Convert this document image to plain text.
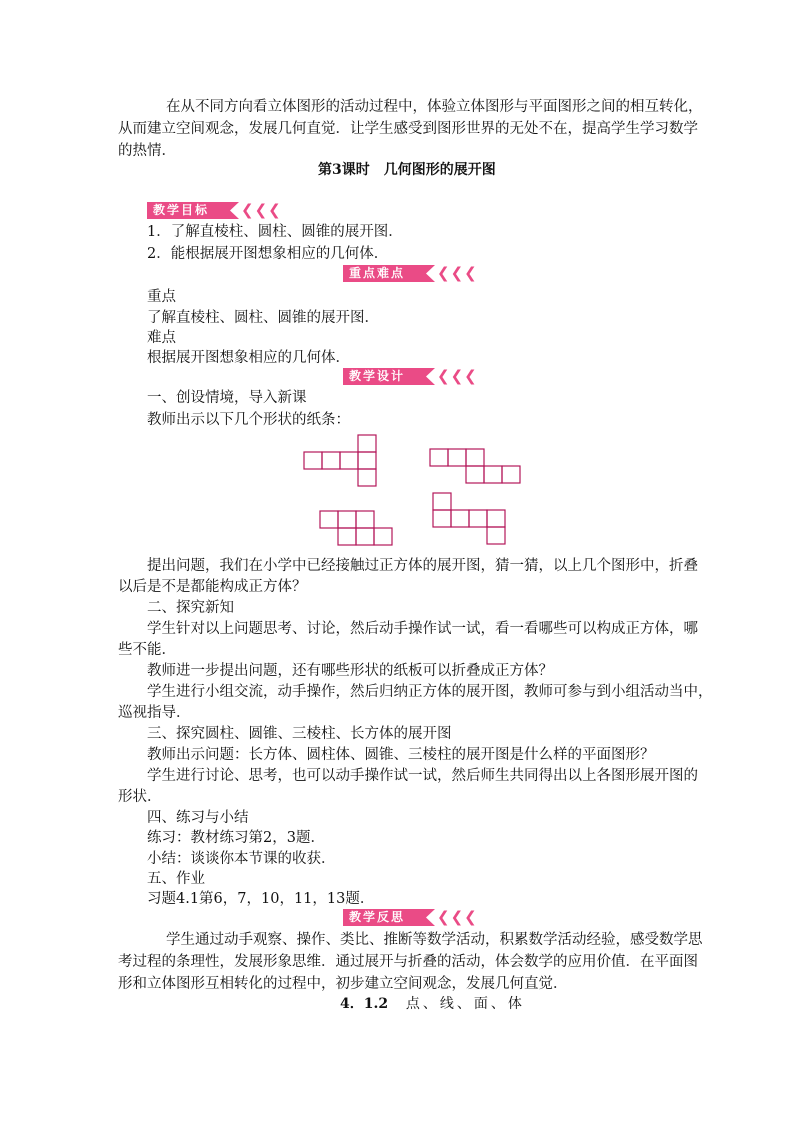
在从不同方向看立体图形的活动过程中，体验立体图形与平面图形之间的相互转化，
从而建立空间观念，发展几何直觉．让学生感受到图形世界的无处不在，提高学生学习数学
的热情．
第3课时　几何图形的展开图
教学目标 ❮❮❮
1．了解直棱柱、圆柱、圆锥的展开图．
2．能根据展开图想象相应的几何体．
重点难点 ❮❮❮
重点
了解直棱柱、圆柱、圆锥的展开图．
难点
根据展开图想象相应的几何体．
教学设计 ❮❮❮
一、创设情境，导入新课
教师出示以下几个形状的纸条：
提出问题，我们在小学中已经接触过正方体的展开图，猜一猜，以上几个图形中，折叠
以后是不是都能构成正方体？
二、探究新知
学生针对以上问题思考、讨论，然后动手操作试一试，看一看哪些可以构成正方体，哪
些不能．
教师进一步提出问题，还有哪些形状的纸板可以折叠成正方体？
学生进行小组交流，动手操作，然后归纳正方体的展开图，教师可参与到小组活动当中，
巡视指导．
三、探究圆柱、圆锥、三棱柱、长方体的展开图
教师出示问题：长方体、圆柱体、圆锥、三棱柱的展开图是什么样的平面图形？
学生进行讨论、思考，也可以动手操作试一试，然后师生共同得出以上各图形展开图的
形状．
四、练习与小结
练习：教材练习第2，3题．
小结：谈谈你本节课的收获．
五、作业
习题4.1第6，7，10，11，13题．
教学反思 ❮❮❮
学生通过动手观察、操作、类比、推断等数学活动，积累数学活动经验，感受数学思
考过程的条理性，发展形象思维．通过展开与折叠的活动，体会数学的应用价值．在平面图
形和立体图形互相转化的过程中，初步建立空间观念，发展几何直觉．
4．1.2 点、线、面、体
